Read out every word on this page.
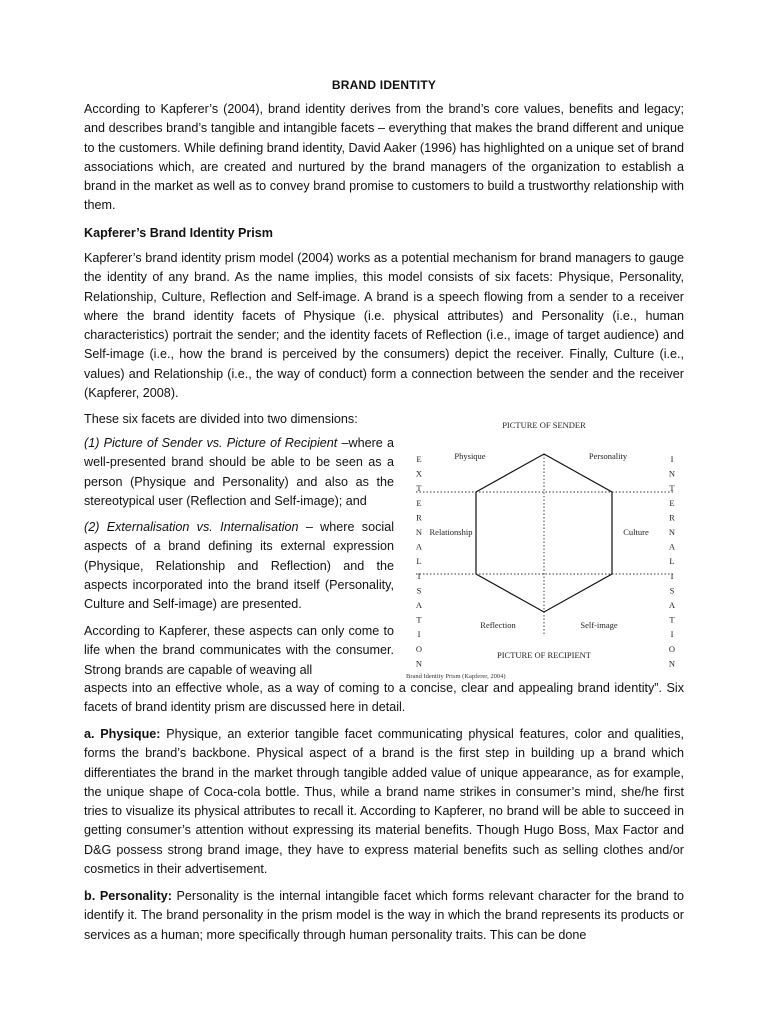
BRAND IDENTITY

According to Kapferer’s (2004), brand identity derives from the brand’s core values, benefits and legacy; and describes brand’s tangible and intangible facets – everything that makes the brand different and unique to the customers. While defining brand identity, David Aaker (1996) has highlighted on a unique set of brand associations which, are created and nurtured by the brand managers of the organization to establish a brand in the market as well as to convey brand promise to customers to build a trustworthy relationship with them.

Kapferer’s Brand Identity Prism

Kapferer’s brand identity prism model (2004) works as a potential mechanism for brand managers to gauge the identity of any brand. As the name implies, this model consists of six facets: Physique, Personality, Relationship, Culture, Reflection and Self-image. A brand is a speech flowing from a sender to a receiver where the brand identity facets of Physique (i.e. physical attributes) and Personality (i.e., human characteristics) portrait the sender; and the identity facets of Reflection (i.e., image of target audience) and Self-image (i.e., how the brand is perceived by the consumers) depict the receiver. Finally, Culture (i.e., values) and Relationship (i.e., the way of conduct) form a connection between the sender and the receiver (Kapferer, 2008).

These six facets are divided into two dimensions:

(1) Picture of Sender vs. Picture of Recipient –where a well-presented brand should be able to be seen as a person (Physique and Personality) and also as the stereotypical user (Reflection and Self-image); and

(2) Externalisation vs. Internalisation – where social aspects of a brand defining its external expression (Physique, Relationship and Reflection) and the aspects incorporated into the brand itself (Personality, Culture and Self-image) are presented.

According to Kapferer, these aspects can only come to life when the brand communicates with the consumer. Strong brands are capable of weaving all

aspects into an effective whole, as a way of coming to a concise, clear and appealing brand identity”. Six facets of brand identity prism are discussed here in detail.

a. Physique: Physique, an exterior tangible facet communicating physical features, color and qualities, forms the brand’s backbone. Physical aspect of a brand is the first step in building up a brand which differentiates the brand in the market through tangible added value of unique appearance, as for example, the unique shape of Coca-cola bottle. Thus, while a brand name strikes in consumer’s mind, she/he first tries to visualize its physical attributes to recall it. According to Kapferer, no brand will be able to succeed in getting consumer’s attention without expressing its material benefits. Though Hugo Boss, Max Factor and D&G possess strong brand image, they have to express material benefits such as selling clothes and/or cosmetics in their advertisement.

b. Personality: Personality is the internal intangible facet which forms relevant character for the brand to identify it. The brand personality in the prism model is the way in which the brand represents its products or services as a human; more specifically through human personality traits. This can be done

PICTURE OF SENDER
PICTURE OF RECIPIENT
Physique	Personality
Relationship	Culture
Reflection	Self-image
E
X
T
E
R
N
A
L
I
S
A
T
I
O
N
I
N
T
E
R
N
A
L
I
S
A
T
I
O
N
Brand Identity Prism (Kapferer, 2004)
